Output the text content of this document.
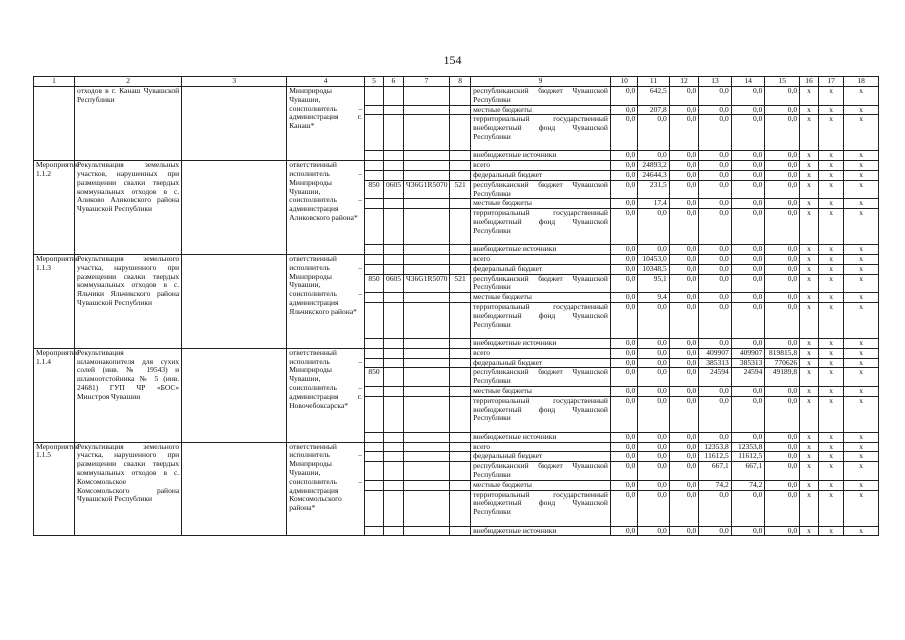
154
1	2	3	4	5	6	7	8	9	10	11	12	13	14	15	16	17	18
	отходов в г. Канаш Чувашской Республики		Минприроды Чувашии, соисполнитель – администрация г. Канаш*					республиканский бюджет Чувашской Республики	0,0	642,5	0,0	0,0	0,0	0,0	x	x	x
								местные бюджеты	0,0	207,8	0,0	0,0	0,0	0,0	x	x	x
								территориальный государственный внебюджетный фонд Чувашской Республики	0,0	0,0	0,0	0,0	0,0	0,0	x	x	x
								внебюджетные источники	0,0	0,0	0,0	0,0	0,0	0,0	x	x	x
Мероприятие 1.1.2	Рекультивация земельных участков, нарушенных при размещении свалки твердых коммунальных отходов в с. Аликово Аликовского района Чувашской Республики		ответственный исполнитель – Минприроды Чувашии, соисполнитель – администрация Аликовского района*					всего	0,0	24893,2	0,0	0,0	0,0	0,0	x	x	x
								федеральный бюджет	0,0	24644,3	0,0	0,0	0,0	0,0	x	x	x
				850	0605	Ч36G1R5070	521	республиканский бюджет Чувашской Республики	0,0	231,5	0,0	0,0	0,0	0,0	x	x	x
								местные бюджеты	0,0	17,4	0,0	0,0	0,0	0,0	x	x	x
								территориальный государственный внебюджетный фонд Чувашской Республики	0,0	0,0	0,0	0,0	0,0	0,0	x	x	x
								внебюджетные источники	0,0	0,0	0,0	0,0	0,0	0,0	x	x	x
Мероприятие 1.1.3	Рекультивация земельного участка, нарушенного при размещении свалки твердых коммунальных отходов в с. Яльчики Яльчикского района Чувашской Республики		ответственный исполнитель – Минприроды Чувашии, соисполнитель – администрация Яльчикского района*					всего	0,0	10453,0	0,0	0,0	0,0	0,0	x	x	x
								федеральный бюджет	0,0	10348,5	0,0	0,0	0,0	0,0	x	x	x
				850	0605	Ч36G1R5070	521	республиканский бюджет Чувашской Республики	0,0	95,1	0,0	0,0	0,0	0,0	x	x	x
								местные бюджеты	0,0	9,4	0,0	0,0	0,0	0,0	x	x	x
								территориальный государственный внебюджетный фонд Чувашской Республики	0,0	0,0	0,0	0,0	0,0	0,0	x	x	x
								внебюджетные источники	0,0	0,0	0,0	0,0	0,0	0,0	x	x	x
Мероприятие 1.1.4	Рекультивация шламонакопителя для сухих солей (инв. № 19543) и шламоотстойника № 5 (инв. 24681) ГУП ЧР «БОС» Минстроя Чувашии		ответственный исполнитель – Минприроды Чувашии, соисполнитель – администрация г. Новочебоксарска*					всего	0,0	0,0	0,0	409907	409907	819815,8	x	x	x
								федеральный бюджет	0,0	0,0	0,0	385313	385313	770626	x	x	x
				850				республиканский бюджет Чувашской Республики	0,0	0,0	0,0	24594	24594	49189,8	x	x	x
								местные бюджеты	0,0	0,0	0,0	0,0	0,0	0,0	x	x	x
								территориальный государственный внебюджетный фонд Чувашской Республики	0,0	0,0	0,0	0,0	0,0	0,0	x	x	x
								внебюджетные источники	0,0	0,0	0,0	0,0	0,0	0,0	x	x	x
Мероприятие 1.1.5	Рекультивация земельного участка, нарушенного при размещении свалки твердых коммунальных отходов в с. Комсомольское Комсомольского района Чувашской Республики		ответственный исполнитель – Минприроды Чувашии, соисполнитель – администрация Комсомольского района*					всего	0,0	0,0	0,0	12353,8	12353,8	0,0	x	x	x
								федеральный бюджет	0,0	0,0	0,0	11612,5	11612,5	0,0	x	x	x
								республиканский бюджет Чувашской Республики	0,0	0,0	0,0	667,1	667,1	0,0	x	x	x
								местные бюджеты	0,0	0,0	0,0	74,2	74,2	0,0	x	x	x
								территориальный государственный внебюджетный фонд Чувашской Республики	0,0	0,0	0,0	0,0	0,0	0,0	x	x	x
								внебюджетные источники	0,0	0,0	0,0	0,0	0,0	0,0	x	x	x
